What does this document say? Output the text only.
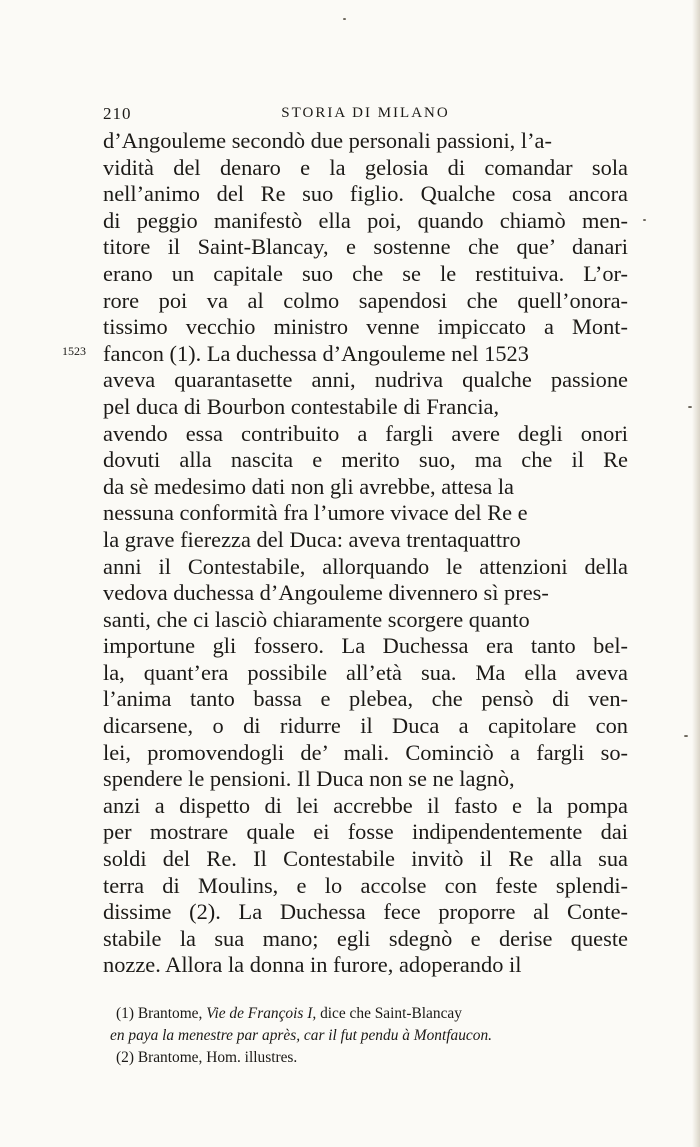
210	STORIA DI MILANO
1523
d’Angouleme secondò due personali passioni, l’a-
vidità del denaro e la gelosia di comandar sola
nell’animo del Re suo figlio. Qualche cosa ancora
di peggio manifestò ella poi, quando chiamò men-
titore il Saint-Blancay, e sostenne che que’ danari
erano un capitale suo che se le restituiva. L’or-
rore poi va al colmo sapendosi che quell’onora-
tissimo vecchio ministro venne impiccato a Mont-
fancon (1). La duchessa d’Angouleme nel 1523
aveva quarantasette anni, nudriva qualche passione
pel duca di Bourbon contestabile di Francia,
avendo essa contribuito a fargli avere degli onori
dovuti alla nascita e merito suo, ma che il Re
da sè medesimo dati non gli avrebbe, attesa la
nessuna conformità fra l’umore vivace del Re e
la grave fierezza del Duca: aveva trentaquattro
anni il Contestabile, allorquando le attenzioni della
vedova duchessa d’Angouleme divennero sì pres-
santi, che ci lasciò chiaramente scorgere quanto
importune gli fossero. La Duchessa era tanto bel-
la, quant’era possibile all’età sua. Ma ella aveva
l’anima tanto bassa e plebea, che pensò di ven-
dicarsene, o di ridurre il Duca a capitolare con
lei, promovendogli de’ mali. Cominciò a fargli so-
spendere le pensioni. Il Duca non se ne lagnò,
anzi a dispetto di lei accrebbe il fasto e la pompa
per mostrare quale ei fosse indipendentemente dai
soldi del Re. Il Contestabile invitò il Re alla sua
terra di Moulins, e lo accolse con feste splendi-
dissime (2). La Duchessa fece proporre al Conte-
stabile la sua mano; egli sdegnò e derise queste
nozze. Allora la donna in furore, adoperando il
(1) Brantome, Vie de François I, dice che Saint-Blancay
en paya la menestre par après, car il fut pendu à Montfaucon.
(2) Brantome, Hom. illustres.
